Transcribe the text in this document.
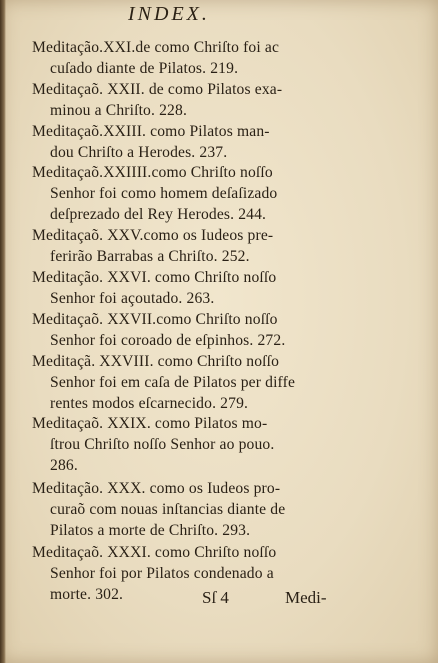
INDEX.

Meditação.XXI.de como Chriſto foi ac

cuſado diante de Pilatos. 219.

Meditaçaõ. XXII. de como Pilatos exa-

minou a Chriſto. 228.

Meditaçaõ.XXIII. como Pilatos man-

dou Chriſto a Herodes. 237.

Meditaçaõ.XXIIII.como Chriſto noſſo

Senhor foi como homem deſaſizado

deſprezado del Rey Herodes. 244.

Meditaçaõ. XXV.como os Iudeos pre-

ferirão Barrabas a Chriſto. 252.

Meditação. XXVI. como Chriſto noſſo

Senhor foi açoutado. 263.

Meditaçaõ. XXVII.como Chriſto noſſo

Senhor foi coroado de eſpinhos. 272.

Meditaçã. XXVIII. como Chriſto noſſo

Senhor foi em caſa de Pilatos per diffe

rentes modos eſcarnecido. 279.

Meditaçaõ. XXIX. como Pilatos mo-

ſtrou Chriſto noſſo Senhor ao pouo.

286.

Meditação. XXX. como os Iudeos pro-

curaõ com nouas inſtancias diante de

Pilatos a morte de Chriſto. 293.

Meditaçaõ. XXXI. como Chriſto noſſo

Senhor foi por Pilatos condenado a

morte. 302.	Sſ 4	Medi-
